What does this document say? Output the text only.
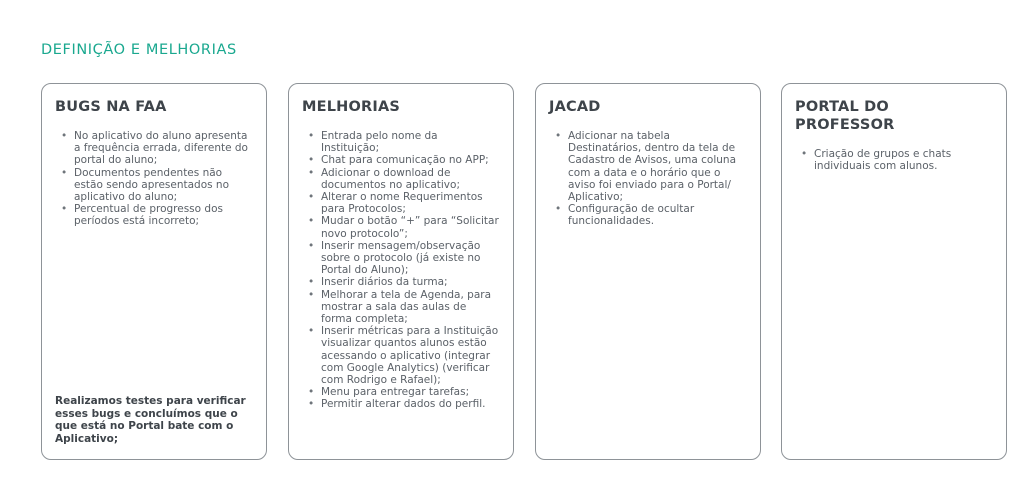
DEFINIÇÃO E MELHORIAS
BUGS NA FAA
• No aplicativo do aluno apresenta a frequência errada, diferente do portal do aluno;
• Documentos pendentes não estão sendo apresentados no aplicativo do aluno;
• Percentual de progresso dos períodos está incorreto;

Realizamos testes para verificar esses bugs e concluímos que o que está no Portal bate com o Aplicativo;

MELHORIAS
• Entrada pelo nome da Instituição;
• Chat para comunicação no APP;
• Adicionar o download de documentos no aplicativo;
• Alterar o nome Requerimentos para Protocolos;
• Mudar o botão “+” para “Solicitar novo protocolo”;
• Inserir mensagem/observação sobre o protocolo (já existe no Portal do Aluno);
• Inserir diários da turma;
• Melhorar a tela de Agenda, para mostrar a sala das aulas de forma completa;
• Inserir métricas para a Instituição visualizar quantos alunos estão acessando o aplicativo (integrar com Google Analytics) (verificar com Rodrigo e Rafael);
• Menu para entregar tarefas;
• Permitir alterar dados do perfil.
JACAD
• Adicionar na tabela Destinatários, dentro da tela de Cadastro de Avisos, uma coluna com a data e o horário que o aviso foi enviado para o Portal/ Aplicativo;
• Configuração de ocultar funcionalidades.
PORTAL DO PROFESSOR
• Criação de grupos e chats individuais com alunos.
